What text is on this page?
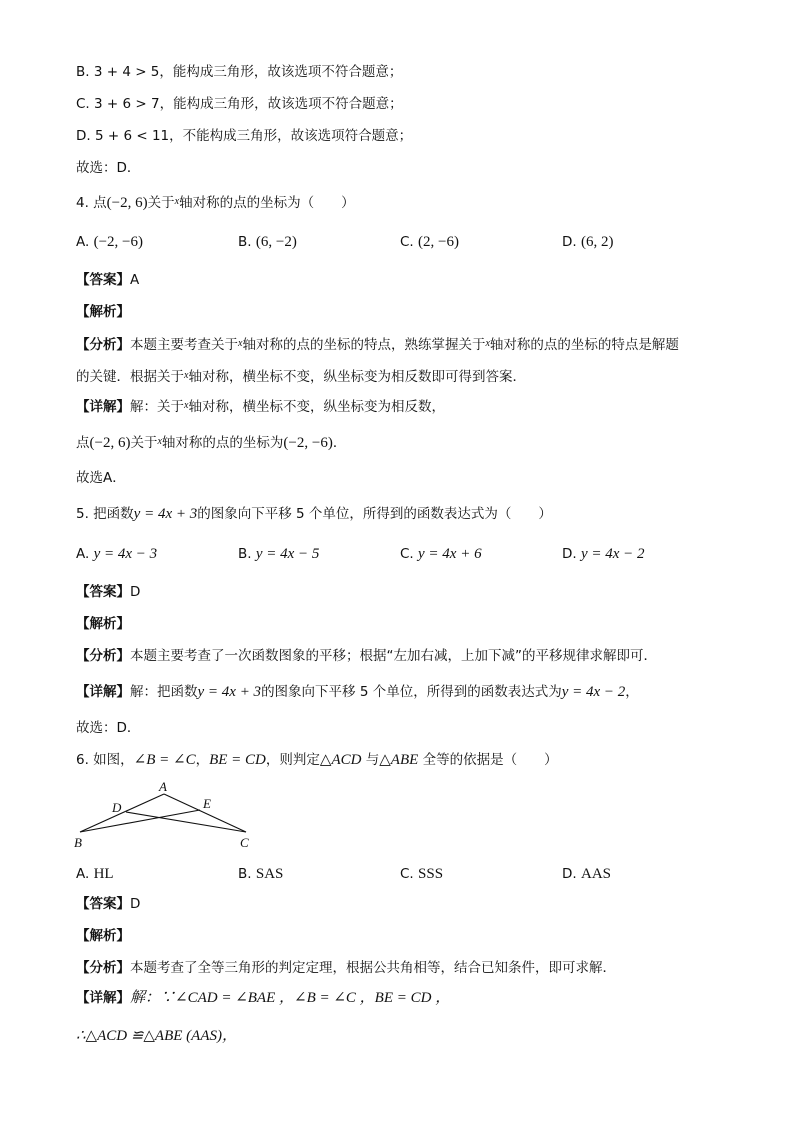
B. 3 + 4 > 5，能构成三角形，故该选项不符合题意；
C. 3 + 6 > 7，能构成三角形，故该选项不符合题意；
D. 5 + 6 < 11，不能构成三角形，故该选项符合题意；
故选：D．
4. 点(−2, 6)关于$^x$轴对称的点的坐标为（　　）
A. (−2, −6)	B. (6, −2)	C. (2, −6)	D. (6, 2)
【答案】A
【解析】
【分析】本题主要考查关于$^x$轴对称的点的坐标的特点，熟练掌握关于$^x$轴对称的点的坐标的特点是解题
的关键．根据关于$^x$轴对称，横坐标不变，纵坐标变为相反数即可得到答案．
【详解】解：关于$^x$轴对称，横坐标不变，纵坐标变为相反数，
点(−2, 6)关于$^x$轴对称的点的坐标为(−2, −6)．
故选A．
5. 把函数y = 4x + 3的图象向下平移 5 个单位，所得到的函数表达式为（　　）
A. y = 4x − 3	B. y = 4x − 5	C. y = 4x + 6	D. y = 4x − 2
【答案】D
【解析】
【分析】本题主要考查了一次函数图象的平移；根据“左加右减，上加下减”的平移规律求解即可．
【详解】解：把函数y = 4x + 3的图象向下平移 5 个单位，所得到的函数表达式为y = 4x − 2，
故选：D．
6. 如图，∠B = ∠C，BE = CD，则判定△ACD 与△ABE 全等的依据是（　　）
A
B	C
D	E
A. HL	B. SAS	C. SSS	D. AAS
【答案】D
【解析】
【分析】本题考查了全等三角形的判定定理，根据公共角相等，结合已知条件，即可求解．
【详解】解：∵∠CAD = ∠BAE ，∠B = ∠C ，BE = CD ，
∴△ACD ≌△ABE (AAS)，
